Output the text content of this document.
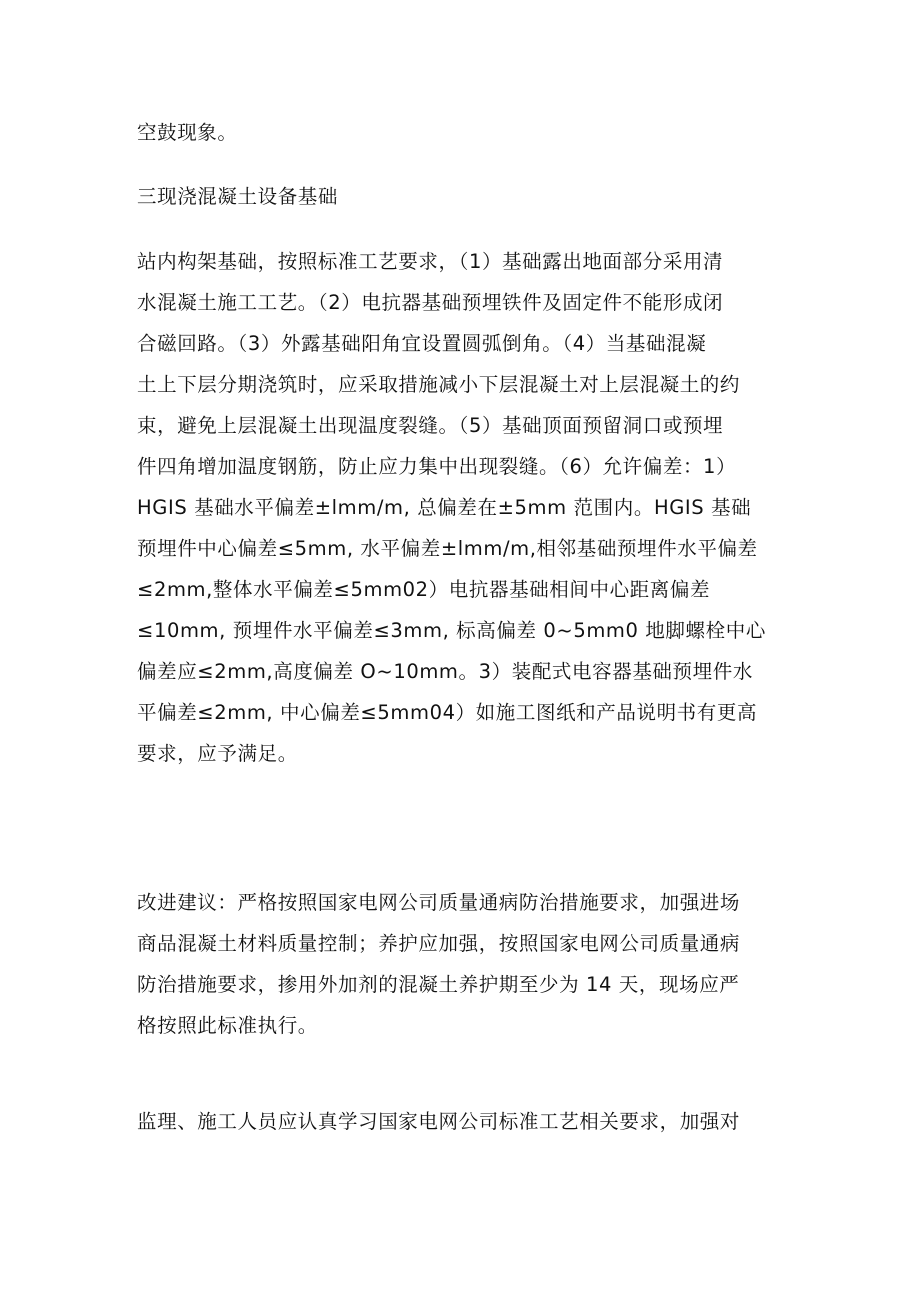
空鼓现象。

三现浇混凝土设备基础

站内构架基础，按照标准工艺要求，（1）基础露出地面部分采用清
水混凝土施工工艺。（2）电抗器基础预埋铁件及固定件不能形成闭
合磁回路。（3）外露基础阳角宜设置圆弧倒角。（4）当基础混凝
土上下层分期浇筑时，应采取措施减小下层混凝土对上层混凝土的约
束，避免上层混凝土出现温度裂缝。（5）基础顶面预留洞口或预埋
件四角增加温度钢筋，防止应力集中出现裂缝。（6）允许偏差：1）
HGIS 基础水平偏差±lmm/m, 总偏差在±5mm 范围内。HGIS 基础
预埋件中心偏差≤5mm, 水平偏差±lmm/m,相邻基础预埋件水平偏差
≤2mm,整体水平偏差≤5mm02）电抗器基础相间中心距离偏差
≤10mm, 预埋件水平偏差≤3mm, 标高偏差 0~5mm0 地脚螺栓中心
偏差应≤2mm,高度偏差 O~10mm。3）装配式电容器基础预埋件水
平偏差≤2mm, 中心偏差≤5mm04）如施工图纸和产品说明书有更高
要求，应予满足。

改进建议：严格按照国家电网公司质量通病防治措施要求，加强进场
商品混凝土材料质量控制；养护应加强，按照国家电网公司质量通病
防治措施要求，掺用外加剂的混凝土养护期至少为 14 天，现场应严
格按照此标准执行。

监理、施工人员应认真学习国家电网公司标准工艺相关要求，加强对
